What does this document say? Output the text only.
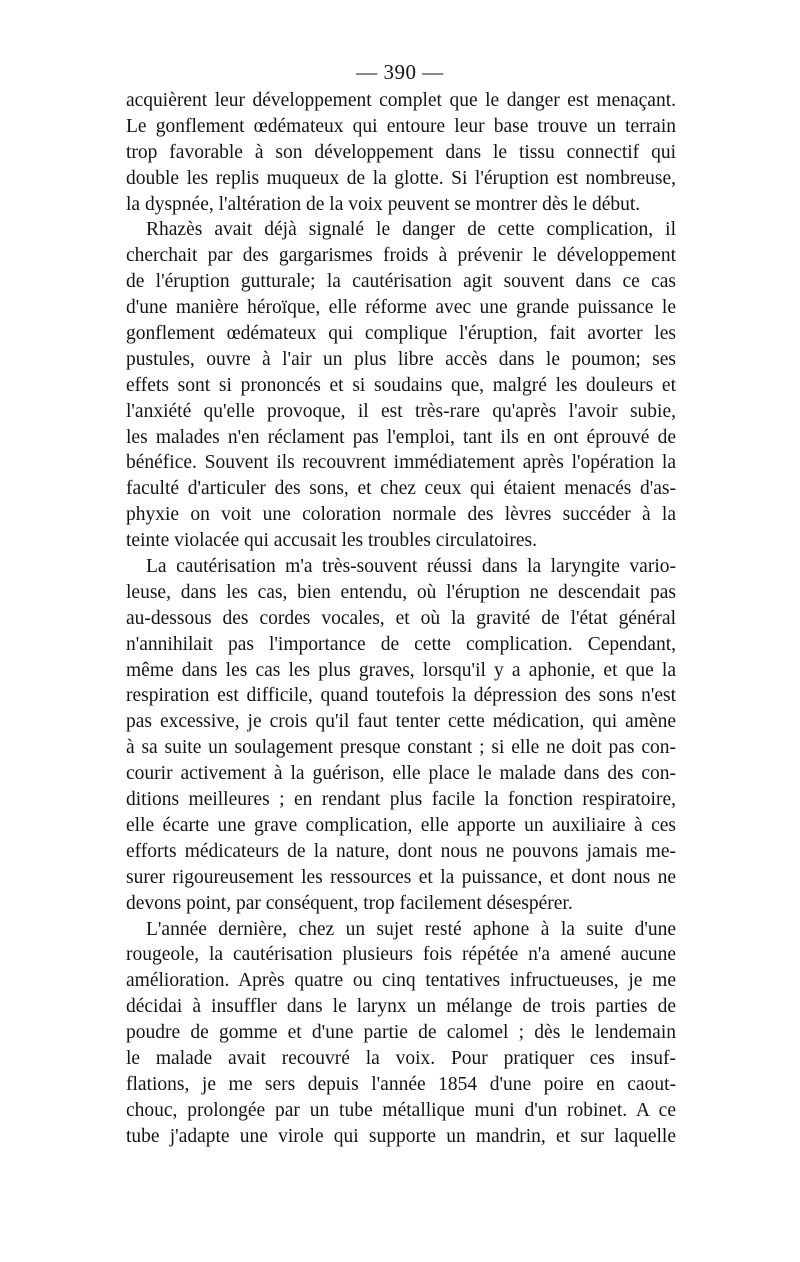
— 390 —
acquièrent leur développement complet que le danger est menaçant.
Le gonflement œdémateux qui entoure leur base trouve un terrain
trop favorable à son développement dans le tissu connectif qui
double les replis muqueux de la glotte. Si l'éruption est nombreuse,
la dyspnée, l'altération de la voix peuvent se montrer dès le début.
Rhazès avait déjà signalé le danger de cette complication, il
cherchait par des gargarismes froids à prévenir le développement
de l'éruption gutturale; la cautérisation agit souvent dans ce cas
d'une manière héroïque, elle réforme avec une grande puissance le
gonflement œdémateux qui complique l'éruption, fait avorter les
pustules, ouvre à l'air un plus libre accès dans le poumon; ses
effets sont si prononcés et si soudains que, malgré les douleurs et
l'anxiété qu'elle provoque, il est très-rare qu'après l'avoir subie,
les malades n'en réclament pas l'emploi, tant ils en ont éprouvé de
bénéfice. Souvent ils recouvrent immédiatement après l'opération la
faculté d'articuler des sons, et chez ceux qui étaient menacés d'as-
phyxie on voit une coloration normale des lèvres succéder à la
teinte violacée qui accusait les troubles circulatoires.
La cautérisation m'a très-souvent réussi dans la laryngite vario-
leuse, dans les cas, bien entendu, où l'éruption ne descendait pas
au-dessous des cordes vocales, et où la gravité de l'état général
n'annihilait pas l'importance de cette complication. Cependant,
même dans les cas les plus graves, lorsqu'il y a aphonie, et que la
respiration est difficile, quand toutefois la dépression des sons n'est
pas excessive, je crois qu'il faut tenter cette médication, qui amène
à sa suite un soulagement presque constant ; si elle ne doit pas con-
courir activement à la guérison, elle place le malade dans des con-
ditions meilleures ; en rendant plus facile la fonction respiratoire,
elle écarte une grave complication, elle apporte un auxiliaire à ces
efforts médicateurs de la nature, dont nous ne pouvons jamais me-
surer rigoureusement les ressources et la puissance, et dont nous ne
devons point, par conséquent, trop facilement désespérer.
L'année dernière, chez un sujet resté aphone à la suite d'une
rougeole, la cautérisation plusieurs fois répétée n'a amené aucune
amélioration. Après quatre ou cinq tentatives infructueuses, je me
décidai à insuffler dans le larynx un mélange de trois parties de
poudre de gomme et d'une partie de calomel ; dès le lendemain
le malade avait recouvré la voix. Pour pratiquer ces insuf-
flations, je me sers depuis l'année 1854 d'une poire en caout-
chouc, prolongée par un tube métallique muni d'un robinet. A ce
tube j'adapte une virole qui supporte un mandrin, et sur laquelle
